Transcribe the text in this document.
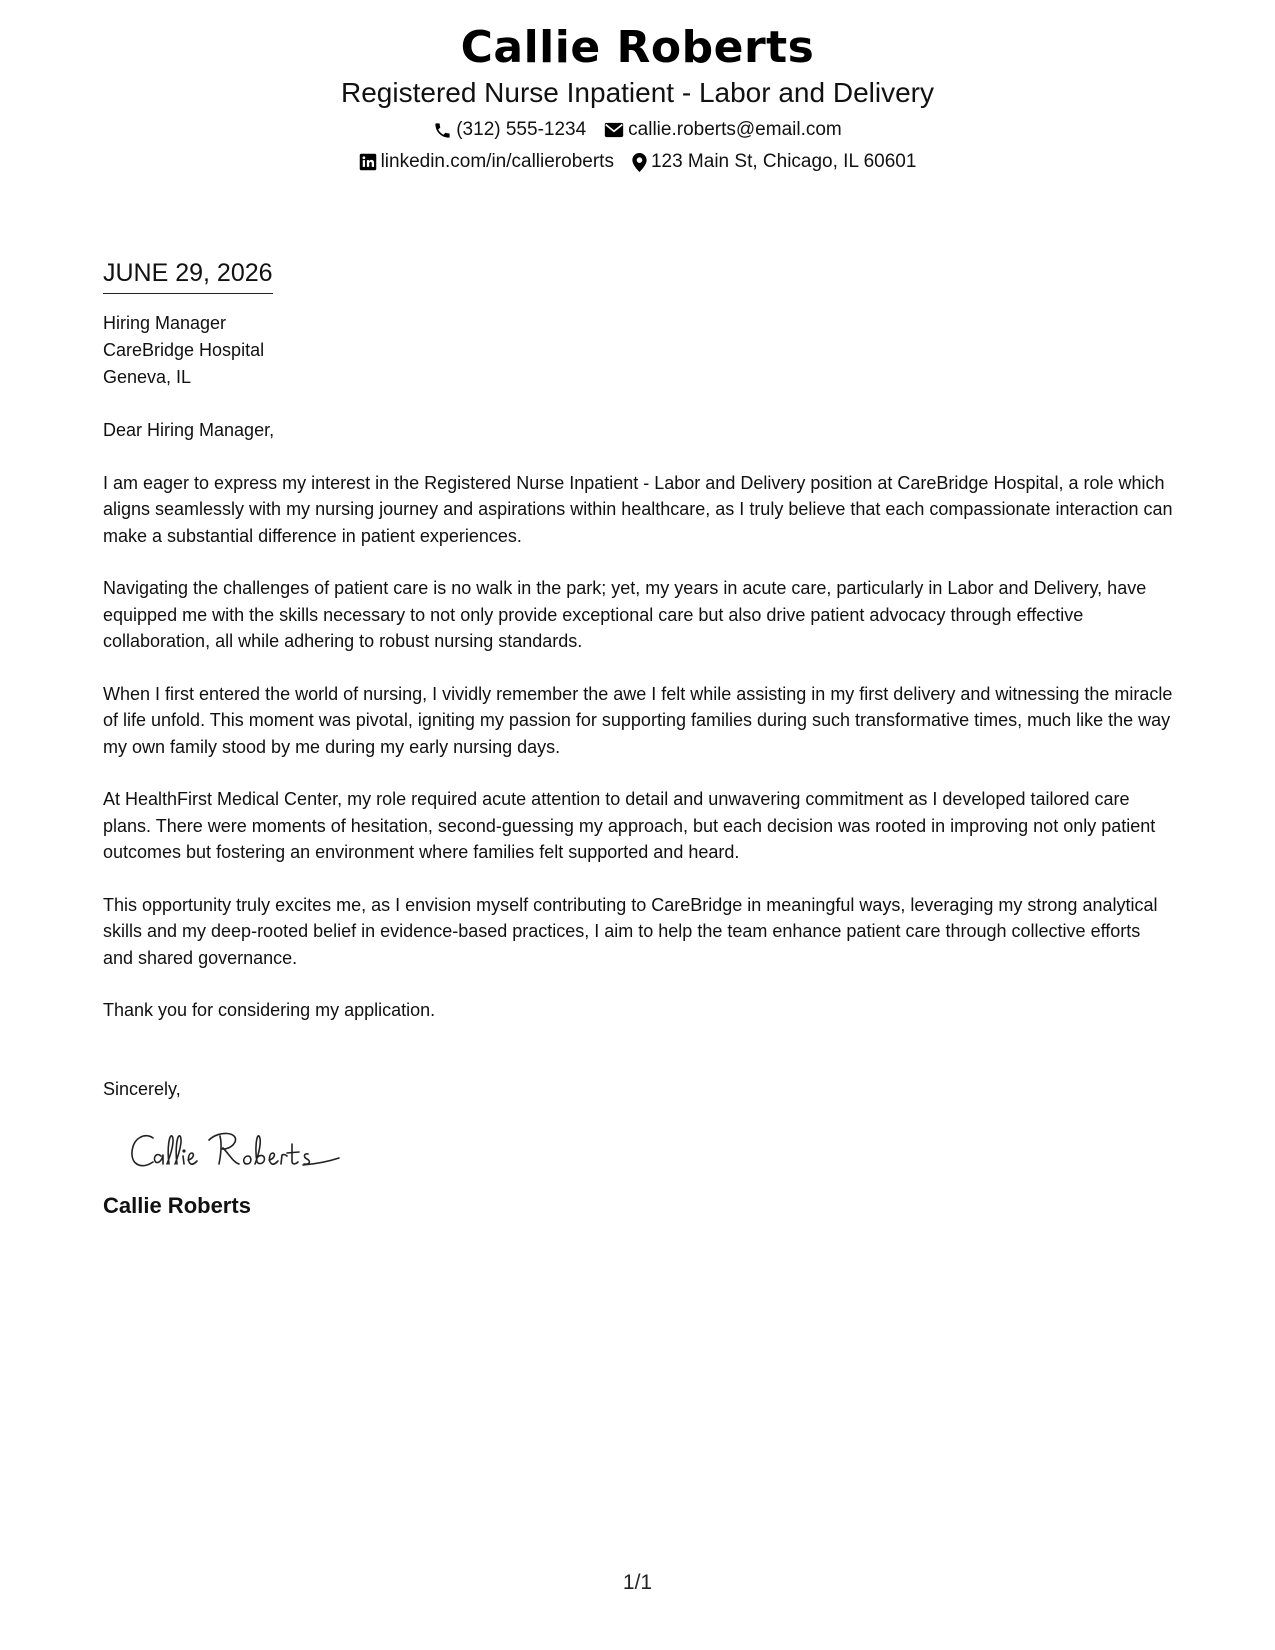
Callie Roberts
Registered Nurse Inpatient - Labor and Delivery
(312) 555-1234 callie.roberts@email.com
linkedin.com/in/callieroberts 123 Main St, Chicago, IL 60601
JUNE 29, 2026
Hiring Manager
CareBridge Hospital
Geneva, IL
Dear Hiring Manager,
I am eager to express my interest in the Registered Nurse Inpatient - Labor and Delivery position at CareBridge Hospital, a role which aligns seamlessly with my nursing journey and aspirations within healthcare, as I truly believe that each compassionate interaction can make a substantial difference in patient experiences.
Navigating the challenges of patient care is no walk in the park; yet, my years in acute care, particularly in Labor and Delivery, have equipped me with the skills necessary to not only provide exceptional care but also drive patient advocacy through effective collaboration, all while adhering to robust nursing standards.
When I first entered the world of nursing, I vividly remember the awe I felt while assisting in my first delivery and witnessing the miracle of life unfold. This moment was pivotal, igniting my passion for supporting families during such transformative times, much like the way my own family stood by me during my early nursing days.
At HealthFirst Medical Center, my role required acute attention to detail and unwavering commitment as I developed tailored care plans. There were moments of hesitation, second-guessing my approach, but each decision was rooted in improving not only patient outcomes but fostering an environment where families felt supported and heard.
This opportunity truly excites me, as I envision myself contributing to CareBridge in meaningful ways, leveraging my strong analytical skills and my deep-rooted belief in evidence-based practices, I aim to help the team enhance patient care through collective efforts and shared governance.
Thank you for considering my application.
Sincerely,
Callie Roberts
1/1
